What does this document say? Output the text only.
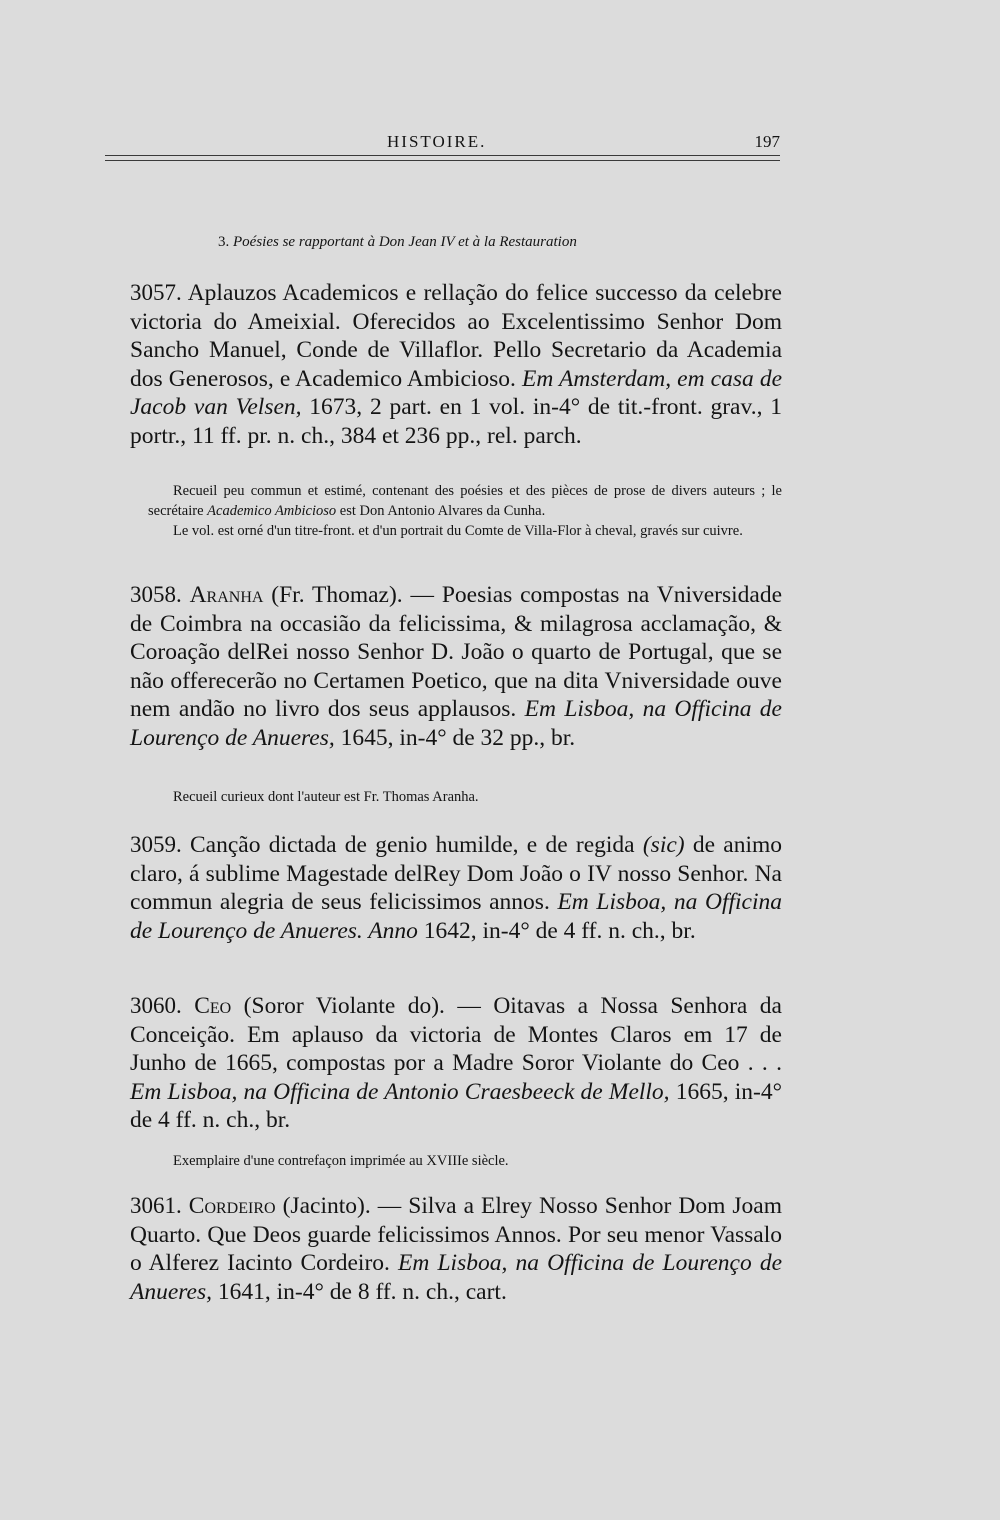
HISTOIRE.	197
3. Poésies se rapportant à Don Jean IV et à la Restauration
3057. Aplauzos Academicos e rellação do felice successo da celebre victoria do Ameixial. Oferecidos ao Excelentissimo Senhor Dom Sancho Manuel, Conde de Villaflor. Pello Secretario da Academia dos Generosos, e Academico Ambicioso. Em Amsterdam, em casa de Jacob van Velsen, 1673, 2 part. en 1 vol. in-4° de tit.-front. grav., 1 portr., 11 ff. pr. n. ch., 384 et 236 pp., rel. parch.
Recueil peu commun et estimé, contenant des poésies et des pièces de prose de divers auteurs ; le secrétaire Academico Ambicioso est Don Antonio Alvares da Cunha.
Le vol. est orné d'un titre-front. et d'un portrait du Comte de Villa-Flor à cheval, gravés sur cuivre.
3058. Aranha (Fr. Thomaz). — Poesias compostas na Vniversidade de Coimbra na occasião da felicissima, & milagrosa acclamação, & Coroação delRei nosso Senhor D. João o quarto de Portugal, que se não offerecerão no Certamen Poetico, que na dita Vniversidade ouve nem andão no livro dos seus applausos. Em Lisboa, na Officina de Lourenço de Anueres, 1645, in-4° de 32 pp., br.
Recueil curieux dont l'auteur est Fr. Thomas Aranha.
3059. Canção dictada de genio humilde, e de regida (sic) de animo claro, á sublime Magestade delRey Dom João o IV nosso Senhor. Na commun alegria de seus felicissimos annos. Em Lisboa, na Officina de Lourenço de Anueres. Anno 1642, in-4° de 4 ff. n. ch., br.
3060. Ceo (Soror Violante do). — Oitavas a Nossa Senhora da Conceição. Em aplauso da victoria de Montes Claros em 17 de Junho de 1665, compostas por a Madre Soror Violante do Ceo . . . Em Lisboa, na Officina de Antonio Craesbeeck de Mello, 1665, in-4° de 4 ff. n. ch., br.
Exemplaire d'une contrefaçon imprimée au XVIIIe siècle.
3061. Cordeiro (Jacinto). — Silva a Elrey Nosso Senhor Dom Joam Quarto. Que Deos guarde felicissimos Annos. Por seu menor Vassalo o Alferez Iacinto Cordeiro. Em Lisboa, na Officina de Lourenço de Anueres, 1641, in-4° de 8 ff. n. ch., cart.
